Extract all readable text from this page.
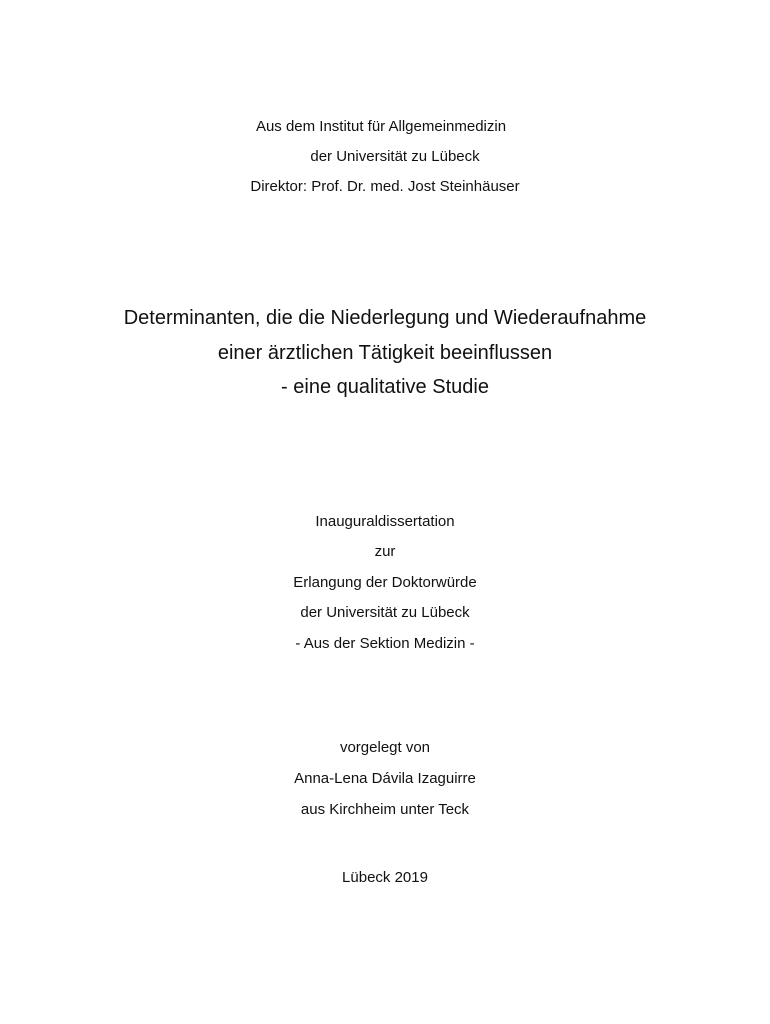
Aus dem Institut für Allgemeinmedizin
der Universität zu Lübeck
Direktor: Prof. Dr. med. Jost Steinhäuser
Determinanten, die die Niederlegung und Wiederaufnahme
einer ärztlichen Tätigkeit beeinflussen
- eine qualitative Studie
Inauguraldissertation
zur
Erlangung der Doktorwürde
der Universität zu Lübeck
- Aus der Sektion Medizin -
vorgelegt von
Anna-Lena Dávila Izaguirre
aus Kirchheim unter Teck
Lübeck 2019
